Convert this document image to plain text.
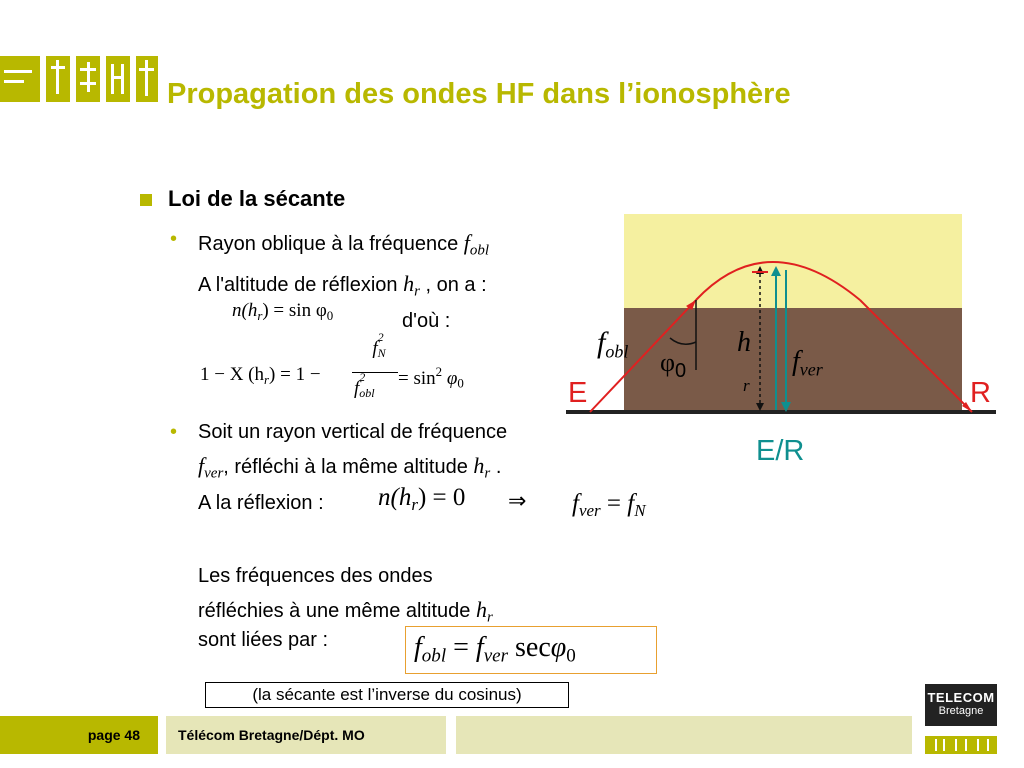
Propagation des ondes HF dans l’ionosphère
Loi de la sécante
• Rayon oblique à la fréquence $f_{obl}$
A l'altitude de réflexion $h_r$ , on a :
$n(h_r) = \sin \varphi_0$	d'où :
1 − X $(h_r) = 1$ −
f
2
N
f
2
obl
= $\sin^2 \varphi_0$
• Soit un rayon vertical de fréquence
$f_{ver}$, réfléchi à la même altitude $h_r$ .
A la réflexion : $n(h_r) = 0$ ⇒ $f_{ver} = f_N$
Les fréquences des ondes
réfléchies à une même altitude $h_r$
sont liées par :	$f_{obl} = f_{ver}$ secφ$_0$
(la sécante est l’inverse du cosinus)
$f_{obl}$ $\varphi_0$
h
r
$f_{ver}$
E	R
E/R
page 48	Télécom Bretagne/Dépt. MO
TELECOM
Bretagne
